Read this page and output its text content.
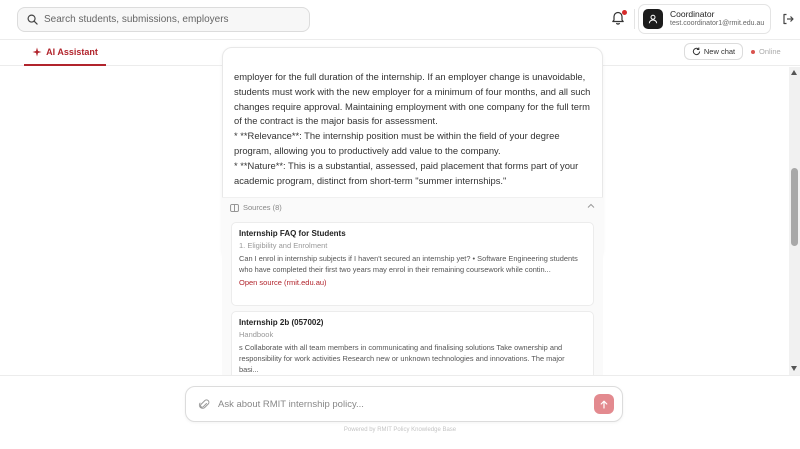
Search students, submissions, employers
Coordinator
test.coordinator1@rmit.edu.au
AI Assistant	New chat	Online

employer for the full duration of the internship. If an employer change is unavoidable, students must work with the new employer for a minimum of four months, and all such changes require approval. Maintaining employment with one company for the full term of the contract is the major basis for assessment.

* **Relevance**: The internship position must be within the field of your degree program, allowing you to productively add value to the company.

* **Nature**: This is a substantial, assessed, paid placement that forms part of your academic program, distinct from short-term "summer internships."

Sources (8)
Internship FAQ for Students
1. Eligibility and Enrolment
Can I enrol in internship subjects if I haven't secured an internship yet? • Software Engineering students who have completed their first two years may enrol in their remaining coursework while contin...
Open source (rmit.edu.au)
Internship 2b (057002)
Handbook
s Collaborate with all team members in communicating and finalising solutions Take ownership and responsibility for work activities Research new or unknown technologies and innovations. The major basi...
Ask about RMIT internship policy...
Powered by RMIT Policy Knowledge Base
